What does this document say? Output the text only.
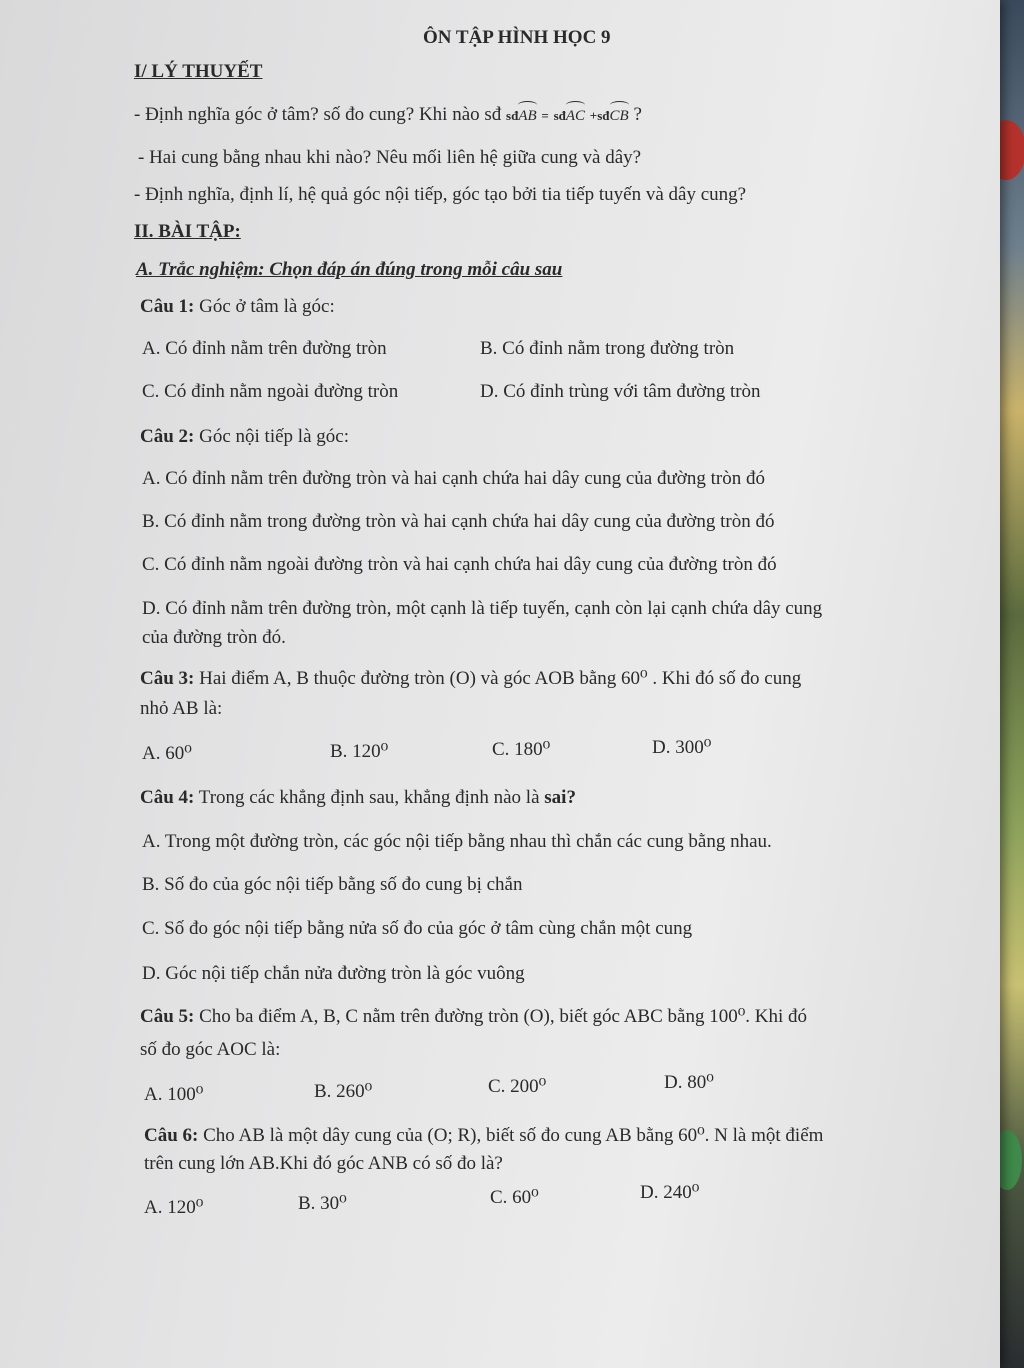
ÔN TẬP HÌNH HỌC 9
I/ LÝ THUYẾT
- Định nghĩa góc ở tâm? số đo cung? Khi nào sđ sđAB = sđAC +sđCB ?
- Hai cung bằng nhau khi nào? Nêu mối liên hệ giữa cung và dây?
- Định nghĩa, định lí, hệ quả góc nội tiếp, góc tạo bởi tia tiếp tuyến và dây cung?
II. BÀI TẬP:
A. Trắc nghiệm: Chọn đáp án đúng trong mỗi câu sau
Câu 1: Góc ở tâm là góc:
A. Có đỉnh nằm trên đường tròn	B. Có đỉnh nằm trong đường tròn
C. Có đỉnh nằm ngoài đường tròn	D. Có đỉnh trùng với tâm đường tròn
Câu 2: Góc nội tiếp là góc:
A. Có đỉnh nằm trên đường tròn và hai cạnh chứa hai dây cung của đường tròn đó
B. Có đỉnh nằm trong đường tròn và hai cạnh chứa hai dây cung của đường tròn đó
C. Có đỉnh nằm ngoài đường tròn và hai cạnh chứa hai dây cung của đường tròn đó
D. Có đỉnh nằm trên đường tròn, một cạnh là tiếp tuyến, cạnh còn lại cạnh chứa dây cung
của đường tròn đó.
Câu 3: Hai điểm A, B thuộc đường tròn (O) và góc AOB bằng 60⁰ . Khi đó số đo cung
nhỏ AB là:
A. 60⁰	B. 120⁰	C. 180⁰	D. 300⁰
Câu 4: Trong các khẳng định sau, khẳng định nào là sai?
A. Trong một đường tròn, các góc nội tiếp bằng nhau thì chắn các cung bằng nhau.
B. Số đo của góc nội tiếp bằng số đo cung bị chắn
C. Số đo góc nội tiếp bằng nửa số đo của góc ở tâm cùng chắn một cung
D. Góc nội tiếp chắn nửa đường tròn là góc vuông
Câu 5: Cho ba điểm A, B, C nằm trên đường tròn (O), biết góc ABC bằng 100⁰. Khi đó
số đo góc AOC là:
A. 100⁰	B. 260⁰	C. 200⁰	D. 80⁰
Câu 6: Cho AB là một dây cung của (O; R), biết số đo cung AB bằng 60⁰. N là một điểm
trên cung lớn AB.Khi đó góc ANB có số đo là?
A. 120⁰	B. 30⁰	C. 60⁰	D. 240⁰
